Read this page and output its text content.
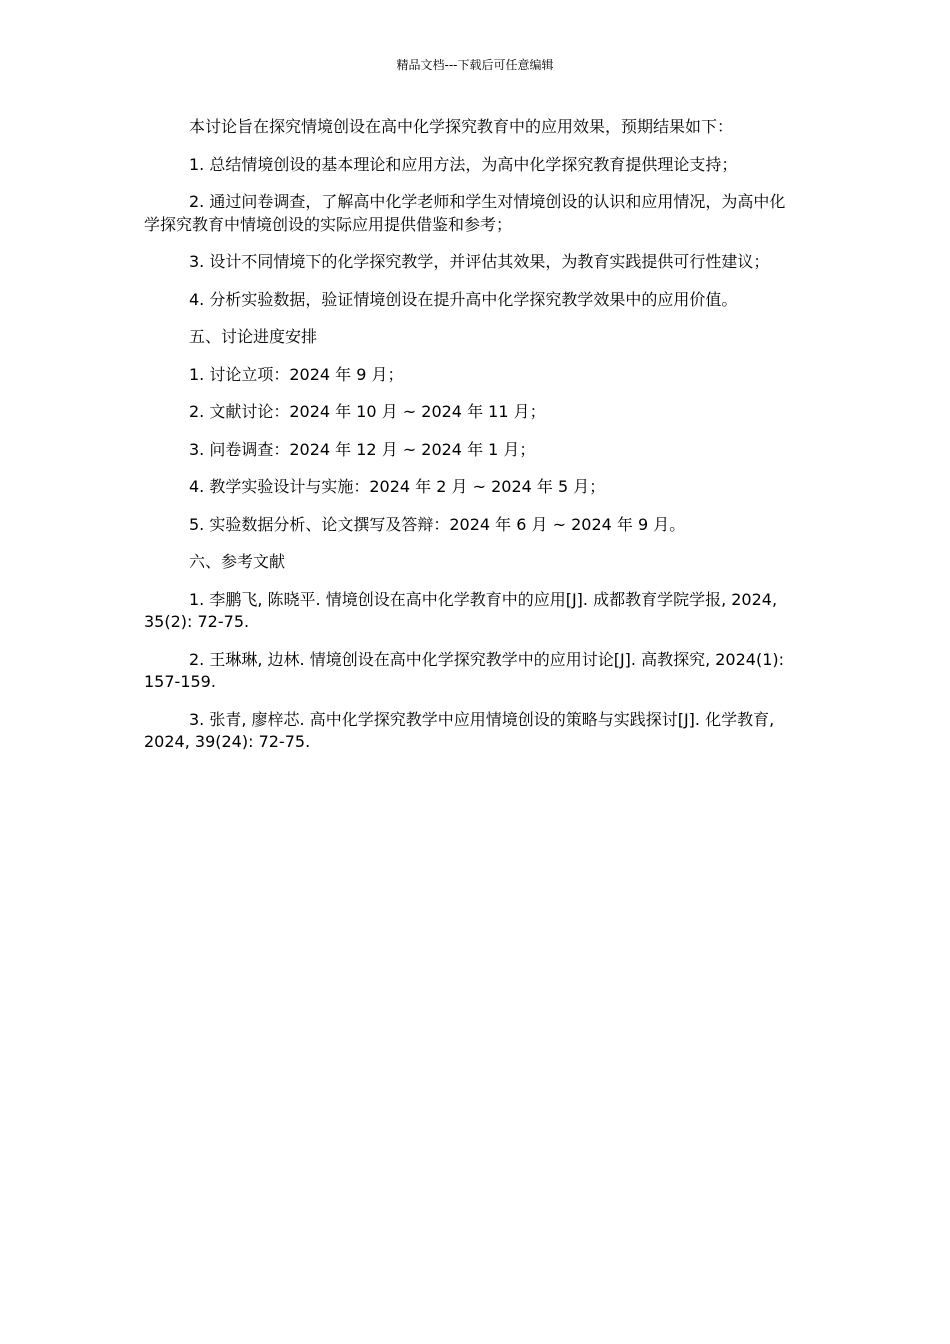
精品文档---下载后可任意编辑

本讨论旨在探究情境创设在高中化学探究教育中的应用效果，预期结果如下：

1. 总结情境创设的基本理论和应用方法，为高中化学探究教育提供理论支持；

2. 通过问卷调查，了解高中化学老师和学生对情境创设的认识和应用情况，为高中化学探究教育中情境创设的实际应用提供借鉴和参考；

3. 设计不同情境下的化学探究教学，并评估其效果，为教育实践提供可行性建议；

4. 分析实验数据，验证情境创设在提升高中化学探究教学效果中的应用价值。

五、讨论进度安排

1. 讨论立项：2024 年 9 月；

2. 文献讨论：2024 年 10 月 ~ 2024 年 11 月；

3. 问卷调查：2024 年 12 月 ~ 2024 年 1 月；

4. 教学实验设计与实施：2024 年 2 月 ~ 2024 年 5 月；

5. 实验数据分析、论文撰写及答辩：2024 年 6 月 ~ 2024 年 9 月。

六、参考文献

1. 李鹏飞, 陈晓平. 情境创设在高中化学教育中的应用[J]. 成都教育学院学报, 2024, 35(2): 72-75.

2. 王琳琳, 边林. 情境创设在高中化学探究教学中的应用讨论[J]. 高教探究, 2024(1): 157-159.

3. 张青, 廖梓芯. 高中化学探究教学中应用情境创设的策略与实践探讨[J]. 化学教育, 2024, 39(24): 72-75.
